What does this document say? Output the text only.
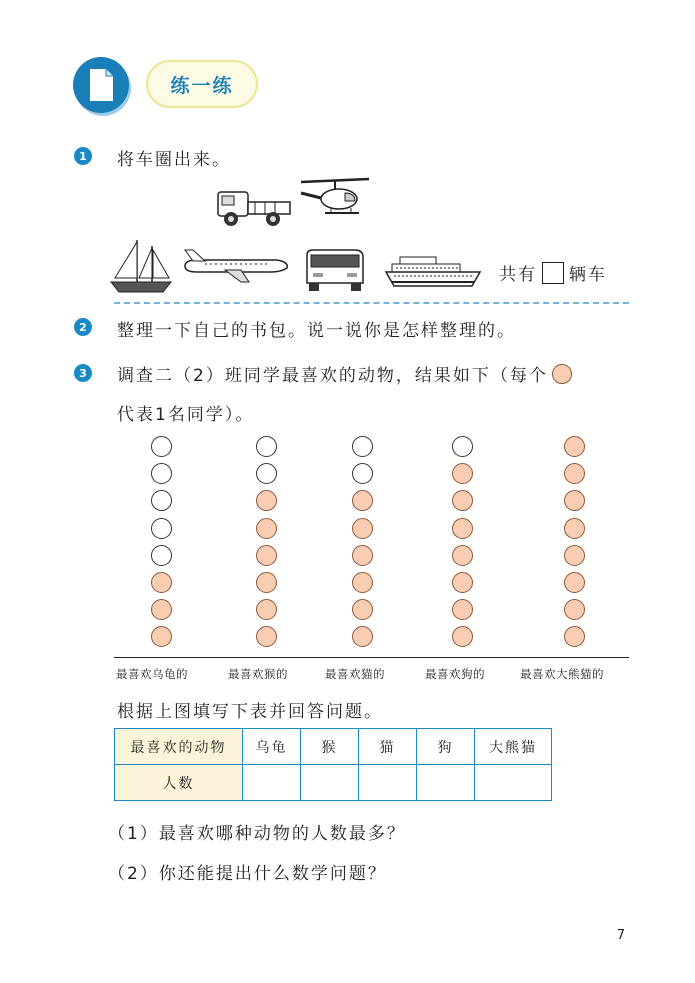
练一练
1	将车圈出来。
共有 辆车
2	整理一下自己的书包。说一说你是怎样整理的。
3	调查二（2）班同学最喜欢的动物，结果如下（每个
代表1名同学）。
最喜欢乌龟的	最喜欢猴的	最喜欢猫的	最喜欢狗的	最喜欢大熊猫的
根据上图填写下表并回答问题。
最喜欢的动物	乌龟	猴	猫	狗	大熊猫
人数					
（1）最喜欢哪种动物的人数最多？
（2）你还能提出什么数学问题？
7
